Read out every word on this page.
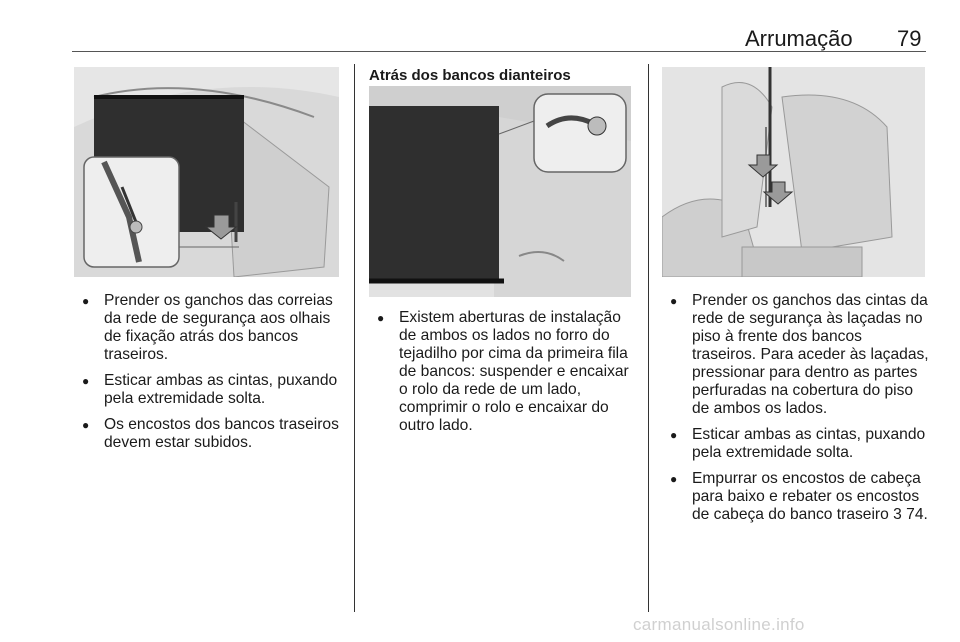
Arrumação 79
● Prender os ganchos das correias da rede de segurança aos olhais de fixação atrás dos bancos traseiros.
● Esticar ambas as cintas, puxando pela extremidade solta.
● Os encostos dos bancos traseiros devem estar subidos.
Atrás dos bancos dianteiros
● Existem aberturas de instalação de ambos os lados no forro do tejadilho por cima da primeira fila de bancos: suspender e encaixar o rolo da rede de um lado, comprimir o rolo e encaixar do outro lado.
● Prender os ganchos das cintas da rede de segurança às laçadas no piso à frente dos bancos traseiros. Para aceder às laçadas, pressionar para dentro as partes perfuradas na cobertura do piso de ambos os lados.
● Esticar ambas as cintas, puxando pela extremidade solta.
● Empurrar os encostos de cabeça para baixo e rebater os encostos de cabeça do banco traseiro 3 74.
carmanualsonline.info
